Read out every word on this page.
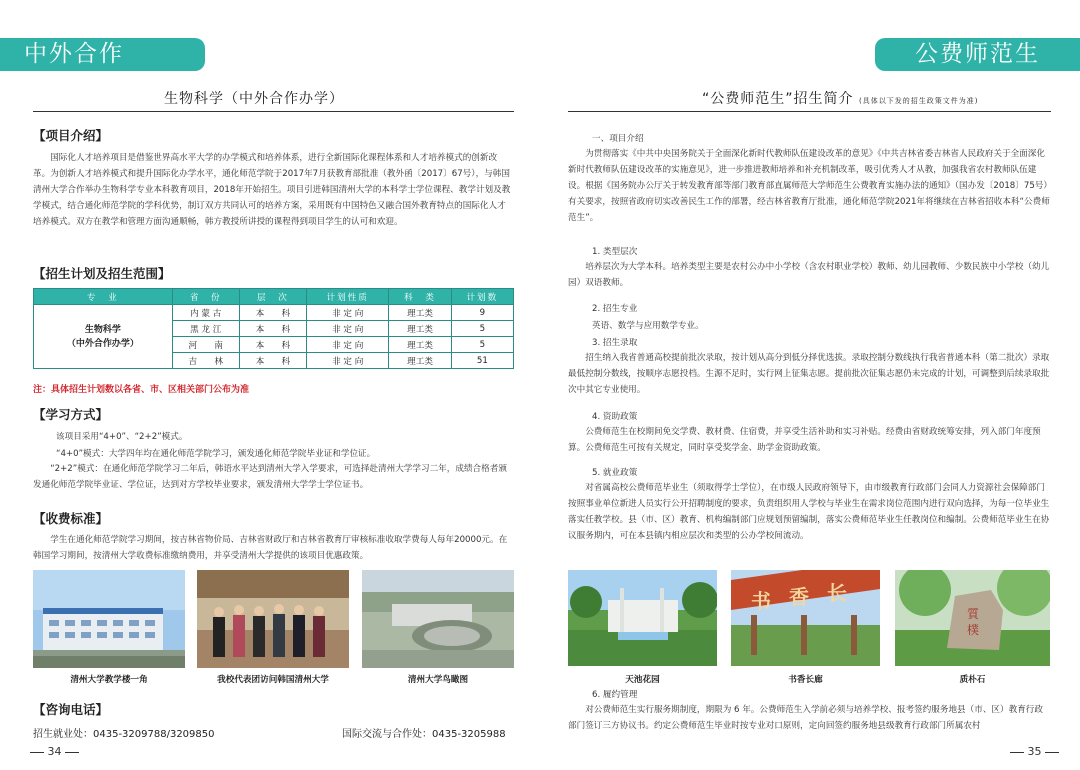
中外合作
生物科学（中外合作办学）
【项目介绍】
国际化人才培养项目是借鉴世界高水平大学的办学模式和培养体系，进行全新国际化课程体系和人才培养模式的创新改革。为创新人才培养模式和提升国际化办学水平，通化师范学院于2017年7月获教育部批准（教外函〔2017〕67号），与韩国清州大学合作举办生物科学专业本科教育项目，2018年开始招生。项目引进韩国清州大学的本科学士学位课程、教学计划及教学模式，结合通化师范学院的学科优势，制订双方共同认可的培养方案，采用既有中国特色又融合国外教育特点的国际化人才培养模式。双方在教学和管理方面沟通顺畅，韩方教授所讲授的课程得到项目学生的认可和欢迎。
【招生计划及招生范围】
专　业	省　份	层　次	计划性质	科　类	计划数

生物科学
（中外合作办学）	内 蒙 古	本　　科	非 定 向	理工类	9
	黑 龙 江	本　　科	非 定 向	理工类	5
	河　　南	本　　科	非 定 向	理工类	5
	吉　　林	本　　科	非 定 向	理工类	51
注：具体招生计划数以各省、市、区相关部门公布为准
【学习方式】
该项目采用“4+0”、“2+2”模式。
“4+0”模式：大学四年均在通化师范学院学习，颁发通化师范学院毕业证和学位证。
“2+2”模式：在通化师范学院学习二年后，韩语水平达到清州大学入学要求，可选择赴清州大学学习二年，成绩合格者颁发通化师范学院毕业证、学位证，达到对方学校毕业要求，颁发清州大学学士学位证书。
【收费标准】
学生在通化师范学院学习期间，按吉林省物价局、吉林省财政厅和吉林省教育厅审核标准收取学费每人每年20000元。在韩国学习期间，按清州大学收费标准缴纳费用，并享受清州大学提供的该项目优惠政策。
清州大学教学楼一角	我校代表团访问韩国清州大学	清州大学鸟瞰图
【咨询电话】
招生就业处：0435-3209788/3209850	国际交流与合作处：0435-3205988
34
公费师范生
“公费师范生”招生简介 (具体以下发的招生政策文件为准)
一、项目介绍
为贯彻落实《中共中央国务院关于全面深化新时代教师队伍建设改革的意见》《中共吉林省委吉林省人民政府关于全面深化新时代教师队伍建设改革的实施意见》，进一步推进教师培养和补充机制改革，吸引优秀人才从教，加强我省农村教师队伍建设。根据《国务院办公厅关于转发教育部等部门教育部直属师范大学师范生公费教育实施办法的通知》（国办发〔2018〕75号）有关要求，按照省政府切实改善民生工作的部署，经吉林省教育厅批准，通化师范学院2021年将继续在吉林省招收本科“公费师范生”。
1. 类型层次
培养层次为大学本科。培养类型主要是农村公办中小学校（含农村职业学校）教师、幼儿园教师、少数民族中小学校（幼儿园）双语教师。
2. 招生专业
英语、数学与应用数学专业。
3. 招生录取
招生纳入我省普通高校提前批次录取，按计划从高分到低分择优选拔。录取控制分数线执行我省普通本科（第二批次）录取最低控制分数线，按顺序志愿投档。生源不足时，实行网上征集志愿。提前批次征集志愿仍未完成的计划，可调整到后续录取批次中其它专业使用。
4. 资助政策
公费师范生在校期间免交学费、教材费、住宿费，并享受生活补助和实习补贴。经费由省财政统筹安排，列入部门年度预算。公费师范生可按有关规定，同时享受奖学金、助学金资助政策。
5. 就业政策
对省属高校公费师范毕业生（须取得学士学位），在市级人民政府领导下，由市级教育行政部门会同人力资源社会保障部门按照事业单位新进人员实行公开招聘制度的要求，负责组织用人学校与毕业生在需求岗位范围内进行双向选择，为每一位毕业生落实任教学校。县（市、区）教育、机构编制部门应规划预留编制，落实公费师范毕业生任教岗位和编制。公费师范毕业生在协议服务期内，可在本县镇内相应层次和类型的公办学校间流动。
书 香 长
質
樸
天池花园	书香长廊	质朴石
6. 履约管理
对公费师范生实行服务期制度，期限为 6 年。公费师范生入学前必须与培养学校、报考签约服务地县（市、区）教育行政部门签订三方协议书。约定公费师范生毕业时按专业对口原则，定向回签约服务地县级教育行政部门所属农村
35
